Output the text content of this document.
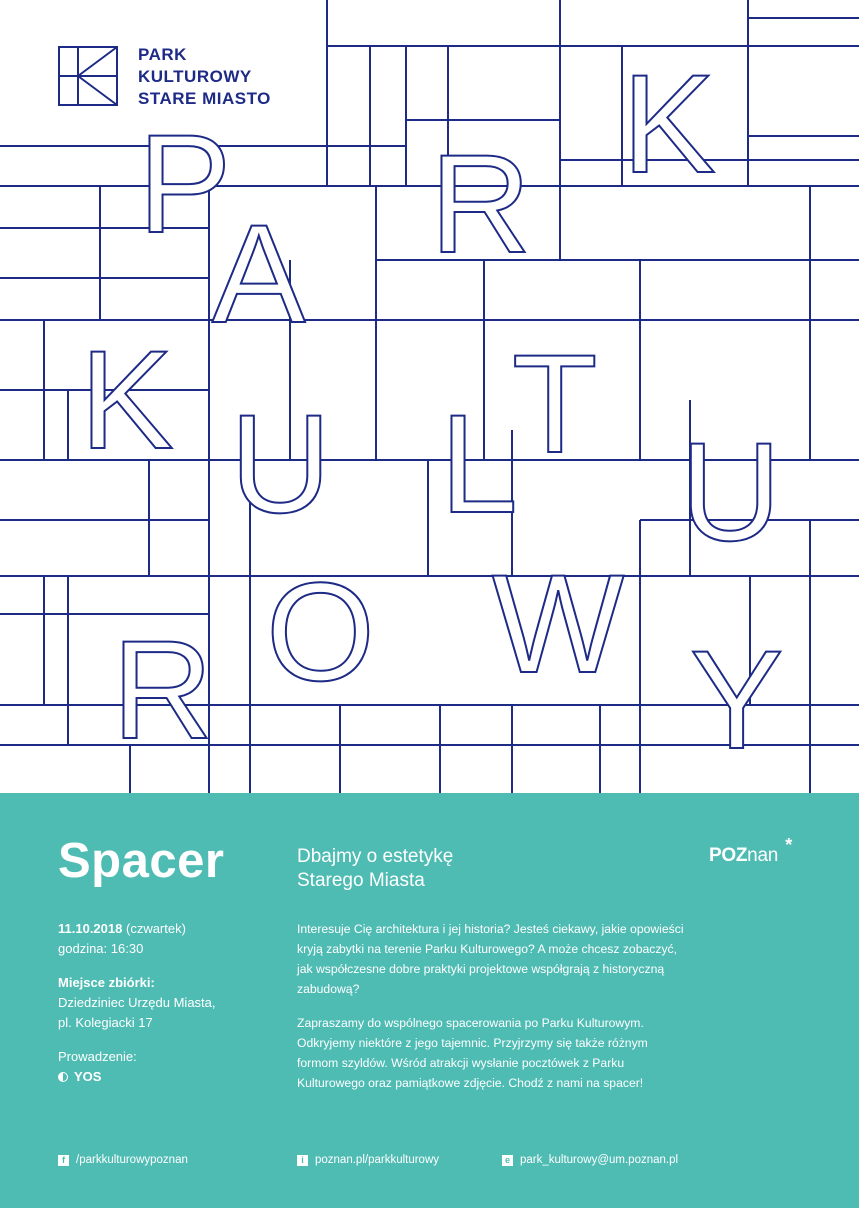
P R
K
A
K T
U L U
R O W Y
PARK
KULTUROWY
STARE MIASTO
Spacer	Dbajmy o estetykę
Starego Miasta
POZnan *
11.10.2018 (czwartek)
godzina: 16:30
Miejsce zbiórki:
Dziedziniec Urzędu Miasta,
pl. Kolegiacki 17
Prowadzenie:
YOS

Interesuje Cię architektura i jej historia? Jesteś ciekawy, jakie opowieści kryją zabytki na terenie Parku Kulturowego? A może chcesz zobaczyć, jak współczesne dobre praktyki projektowe współgrają z historyczną zabudową?

Zapraszamy do wspólnego spacerowania po Parku Kulturowym. Odkryjemy niektóre z jego tajemnic. Przyjrzymy się także różnym formom szyldów. Wśród atrakcji wysłanie pocztówek z Parku Kulturowego oraz pamiątkowe zdjęcie. Chodź z nami na spacer!

f /parkkulturowypoznan	i poznan.pl/parkkulturowy	e park_kulturowy@um.poznan.pl
